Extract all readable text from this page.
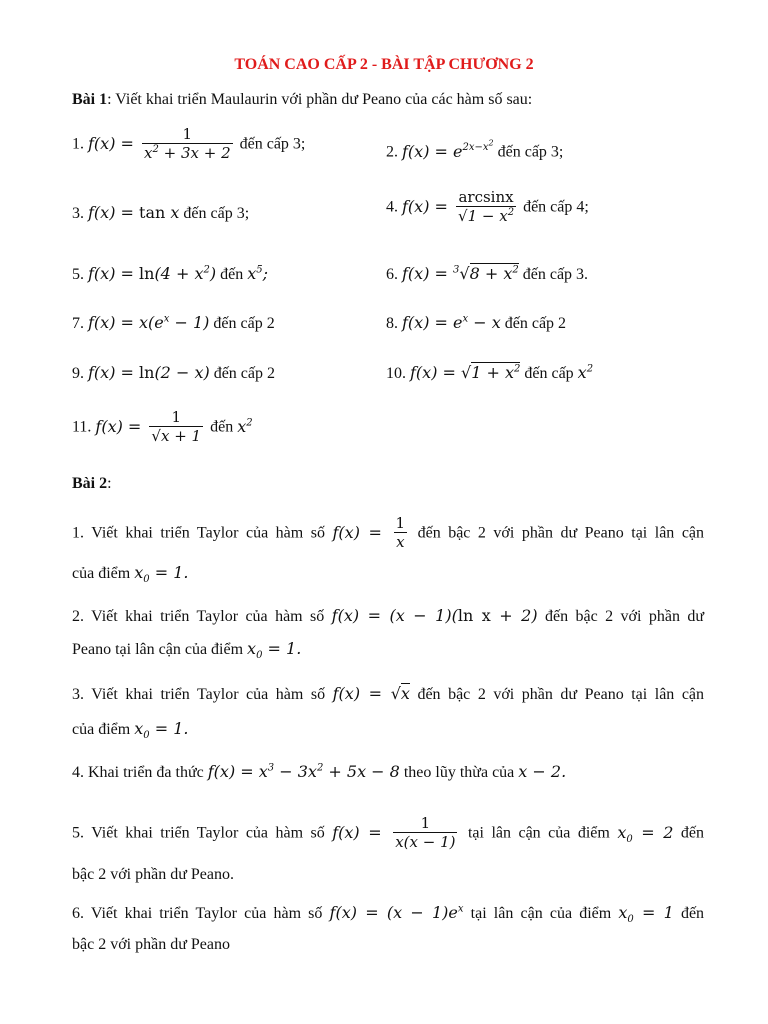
TOÁN CAO CẤP 2 - BÀI TẬP CHƯƠNG 2
Bài 1: Viết khai triển Maulaurin với phần dư Peano của các hàm số sau:
1. $f(x) = \frac{1}{x^2 + 3x + 2}$ đến cấp 3;	2. $f(x) = e^{2x-x^2}$ đến cấp 3;
3. f(x) = tan x đến cấp 3;	4. $f(x) = \frac{\arcsin x}{√1 - x^2}$ đến cấp 4;
5. $f(x) = \ln(4 + x^2)$ đến $x^5$;	6. $f(x) = ^3√8 + x^2$ đến cấp 3.
7. $f(x) = x(e^x - 1)$ đến cấp 2	8. $f(x) = e^x - x$ đến cấp 2
9. f(x) = ln(2 − x) đến cấp 2	10. $f(x) = √1 + x^2$ đến cấp $x^2$
11. $f(x) = \frac{1}{√x + 1}$ đến $x^2$
Bài 2:
1. Viết khai triển Taylor của hàm số $f(x) = \frac{1}{x}$ đến bậc 2 với phần dư Peano tại lân cận
của điểm $x_0 = 1$.
2. Viết khai triển Taylor của hàm số f(x) = (x − 1)(ln x + 2) đến bậc 2 với phần dư
Peano tại lân cận của điểm $x_0 = 1$.
3. Viết khai triển Taylor của hàm số f(x) = √x đến bậc 2 với phần dư Peano tại lân cận
của điểm $x_0 = 1$.
4. Khai triển đa thức $f(x) = x^3 - 3x^2 + 5x - 8$ theo lũy thừa của x − 2.
5. Viết khai triển Taylor của hàm số $f(x) = \frac{1}{x(x - 1)}$ tại lân cận của điểm $x_0 = 2$ đến
bậc 2 với phần dư Peano.
6. Viết khai triển Taylor của hàm số $f(x) = (x - 1)e^x$ tại lân cận của điểm $x_0 = 1$ đến
bậc 2 với phần dư Peano
